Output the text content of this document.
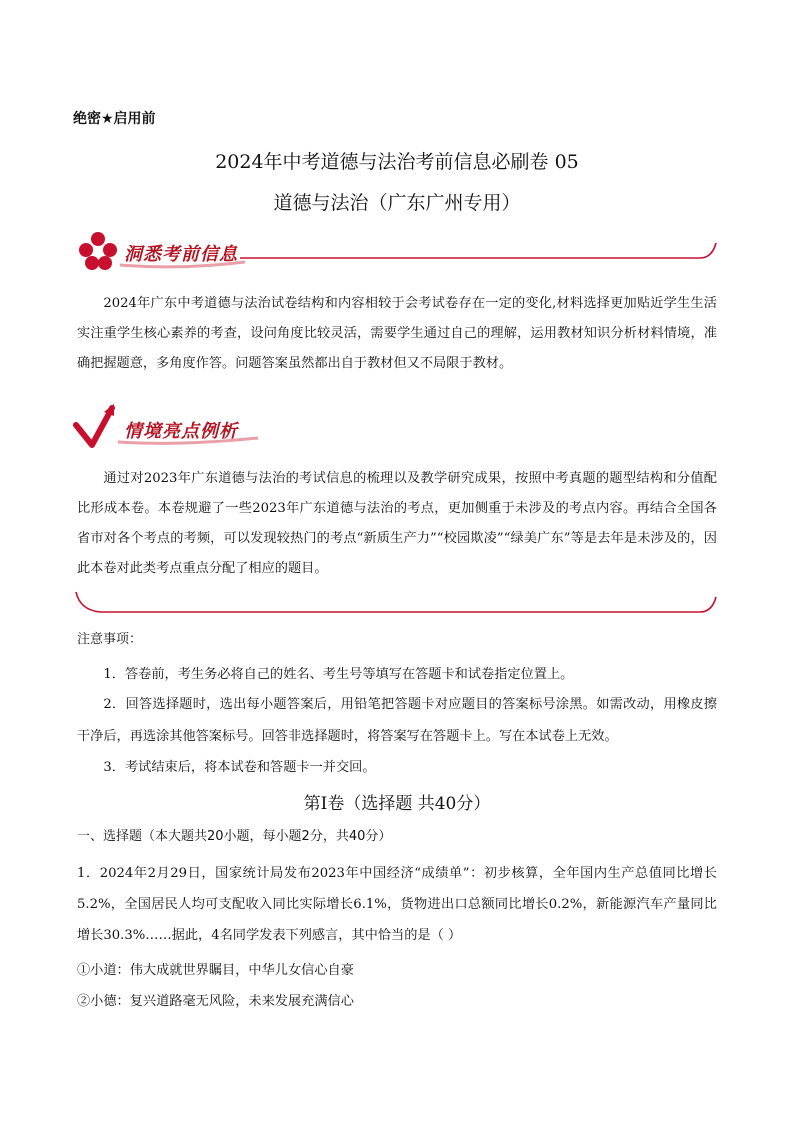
绝密★启用前
2024年中考道德与法治考前信息必刷卷 05
道德与法治（广东广州专用）
洞悉考前信息
2024年广东中考道德与法治试卷结构和内容相较于会考试卷存在一定的变化,材料选择更加贴近学生生活实注重学生核心素养的考查，设问角度比较灵活，需要学生通过自己的理解，运用教材知识分析材料情境，准确把握题意，多角度作答。问题答案虽然都出自于教材但又不局限于教材。
情境亮点例析
通过对2023年广东道德与法治的考试信息的梳理以及教学研究成果，按照中考真题的题型结构和分值配比形成本卷。本卷规避了一些2023年广东道德与法治的考点，更加侧重于未涉及的考点内容。再结合全国各省市对各个考点的考频，可以发现较热门的考点“新质生产力”“校园欺凌”“绿美广东”等是去年是未涉及的，因此本卷对此类考点重点分配了相应的题目。
注意事项：
1．答卷前，考生务必将自己的姓名、考生号等填写在答题卡和试卷指定位置上。
2．回答选择题时，选出每小题答案后，用铅笔把答题卡对应题目的答案标号涂黑。如需改动，用橡皮擦干净后，再选涂其他答案标号。回答非选择题时，将答案写在答题卡上。写在本试卷上无效。
3．考试结束后，将本试卷和答题卡一并交回。
第Ⅰ卷（选择题 共40分）
一、选择题（本大题共20小题，每小题2分，共40分）
1．2024年2月29日，国家统计局发布2023年中国经济“成绩单”：初步核算，全年国内生产总值同比增长5.2%，全国居民人均可支配收入同比实际增长6.1%，货物进出口总额同比增长0.2%，新能源汽车产量同比增长30.3%……据此，4名同学发表下列感言，其中恰当的是（ ）
①小道：伟大成就世界瞩目，中华儿女信心自豪
②小德：复兴道路毫无风险，未来发展充满信心
